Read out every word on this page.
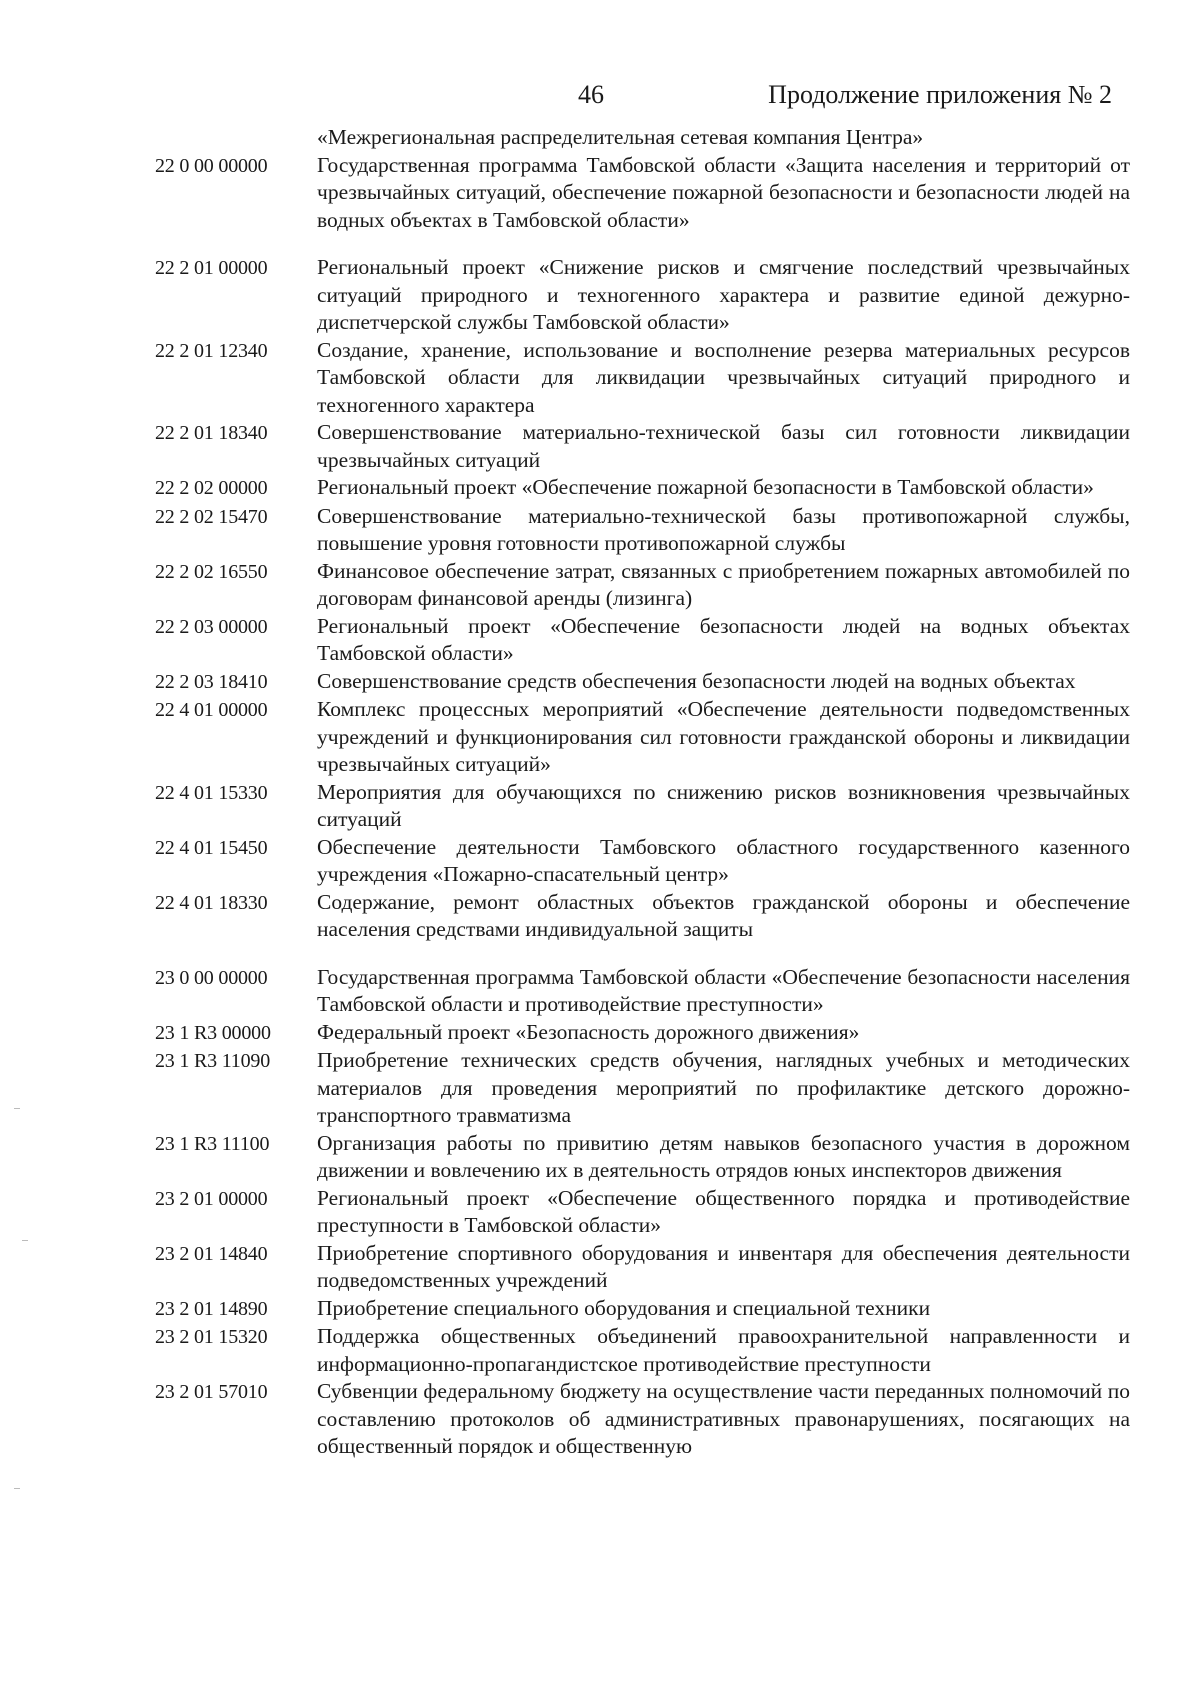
46	Продолжение приложения № 2
«Межрегиональная распределительная сетевая компания Центра»
22 0 00 00000	Государственная программа Тамбовской области «Защита населения и территорий от чрезвычайных ситуаций, обеспечение пожарной безопасности и безопасности людей на водных объектах в Тамбовской области»
22 2 01 00000	Региональный проект «Снижение рисков и смягчение последствий чрезвычайных ситуаций природного и техногенного характера и развитие единой дежурно-диспетчерской службы Тамбовской области»
22 2 01 12340	Создание, хранение, использование и восполнение резерва материальных ресурсов Тамбовской области для ликвидации чрезвычайных ситуаций природного и техногенного характера
22 2 01 18340	Совершенствование материально-технической базы сил готовности ликвидации чрезвычайных ситуаций
22 2 02 00000	Региональный проект «Обеспечение пожарной безопасности в Тамбовской области»
22 2 02 15470	Совершенствование материально-технической базы противопожарной службы, повышение уровня готовности противопожарной службы
22 2 02 16550	Финансовое обеспечение затрат, связанных с приобретением пожарных автомобилей по договорам финансовой аренды (лизинга)
22 2 03 00000	Региональный проект «Обеспечение безопасности людей на водных объектах Тамбовской области»
22 2 03 18410	Совершенствование средств обеспечения безопасности людей на водных объектах
22 4 01 00000	Комплекс процессных мероприятий «Обеспечение деятельности подведомственных учреждений и функционирования сил готовности гражданской обороны и ликвидации чрезвычайных ситуаций»
22 4 01 15330	Мероприятия для обучающихся по снижению рисков возникновения чрезвычайных ситуаций
22 4 01 15450	Обеспечение деятельности Тамбовского областного государственного казенного учреждения «Пожарно-спасательный центр»
22 4 01 18330	Содержание, ремонт областных объектов гражданской обороны и обеспечение населения средствами индивидуальной защиты
23 0 00 00000	Государственная программа Тамбовской области «Обеспечение безопасности населения Тамбовской области и противодействие преступности»
23 1 R3 00000	Федеральный проект «Безопасность дорожного движения»
23 1 R3 11090	Приобретение технических средств обучения, наглядных учебных и методических материалов для проведения мероприятий по профилактике детского дорожно-транспортного травматизма
23 1 R3 11100	Организация работы по привитию детям навыков безопасного участия в дорожном движении и вовлечению их в деятельность отрядов юных инспекторов движения
23 2 01 00000	Региональный проект «Обеспечение общественного порядка и противодействие преступности в Тамбовской области»
23 2 01 14840	Приобретение спортивного оборудования и инвентаря для обеспечения деятельности подведомственных учреждений
23 2 01 14890	Приобретение специального оборудования и специальной техники
23 2 01 15320	Поддержка общественных объединений правоохранительной направленности и информационно-пропагандистское противодействие преступности
23 2 01 57010	Субвенции федеральному бюджету на осуществление части переданных полномочий по составлению протоколов об административных правонарушениях, посягающих на общественный порядок и общественную
